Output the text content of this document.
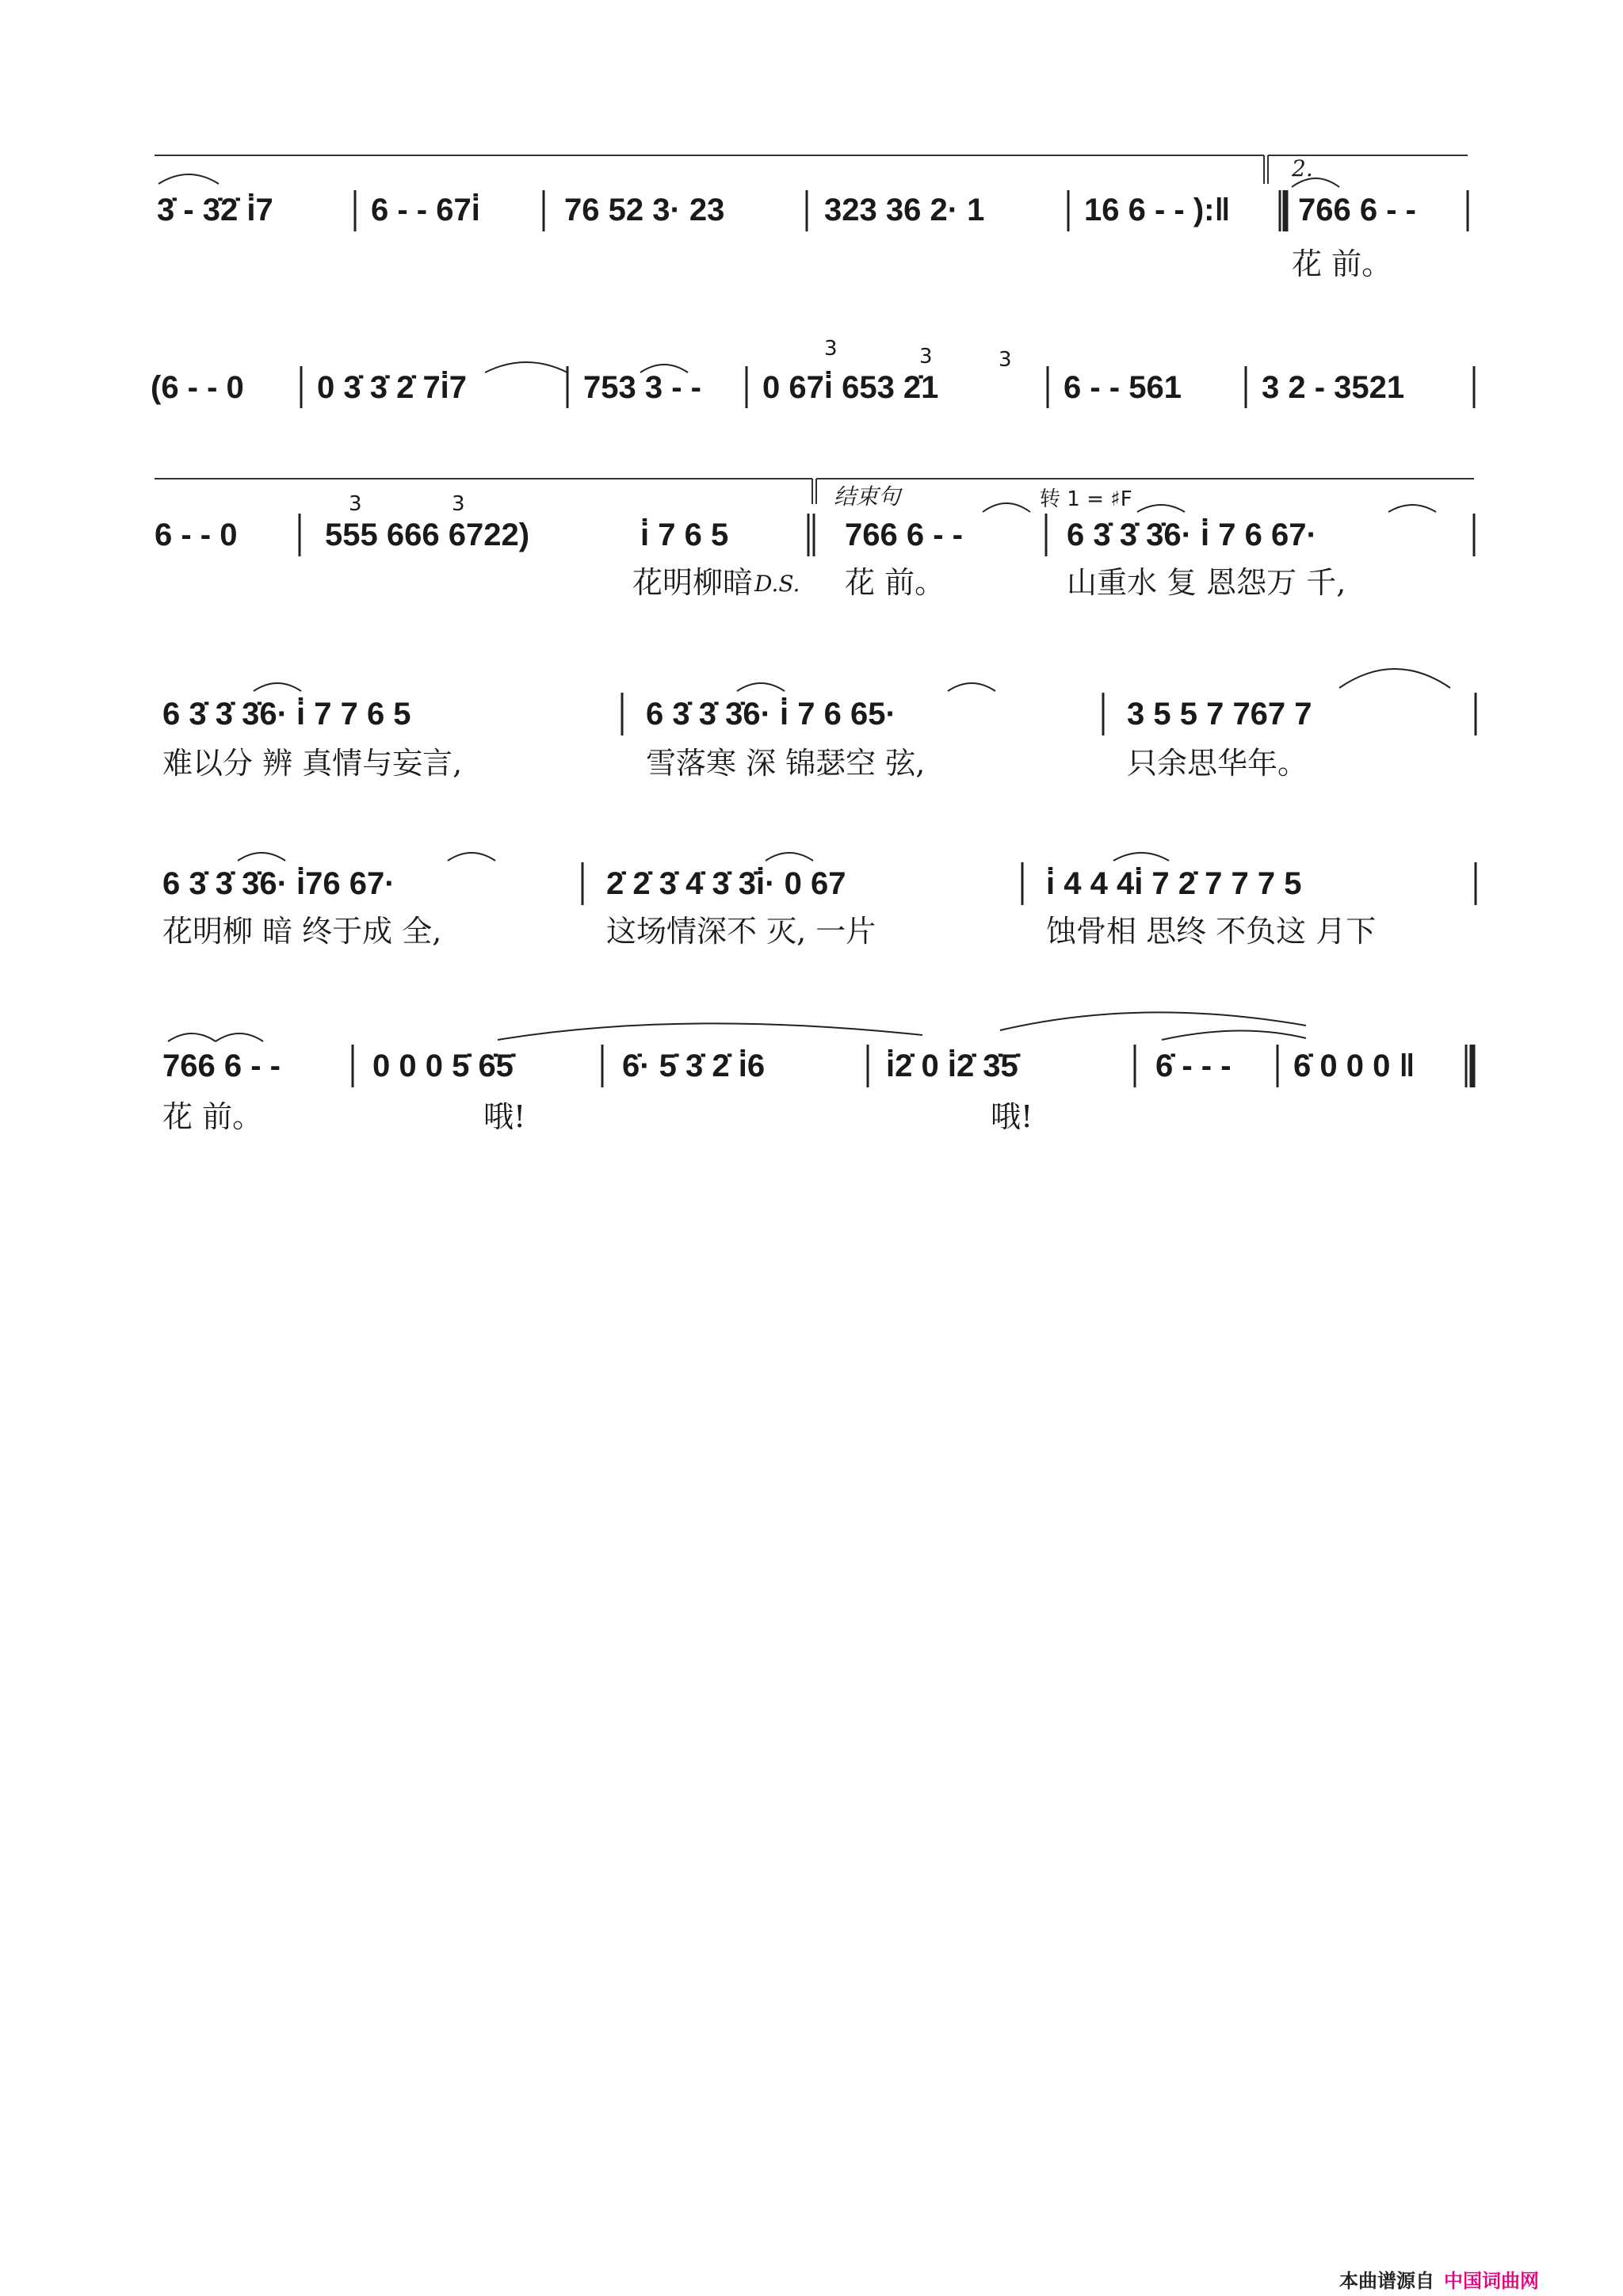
2.
3̇ - 3̇2̇ i̇7	6 - - 67i̇	76 52 3· 23	323 36 2· 1	16 6 - - ):‖ 766 6 - -
花 前。
3	3	3
(6 - - 0 0 3̇ 3̇ 2̇ 7i̇7	753 3 - - 0 67i̇ 653 2̇1	6 - - 561	3 2 - 3521
结束句	转 1 = ♯F
3	3
6 - - 0	555 666 6722)	i̇ 7 6 5	766 6 - -	6 3̇ 3̇ 3̇6· i̇ 7 6 67·
花明柳暗 D.S. 花 前。	山重水 复 恩怨万 千,
6 3̇ 3̇ 3̇6· i̇ 7 7 6 5	6 3̇ 3̇ 3̇6· i̇ 7 6 65·	3 5 5 7 767 7
难以分 辨 真情与妄言,	雪落寒 深 锦瑟空 弦,	只余思华年。
6 3̇ 3̇ 3̇6· i̇76 67·	2̇ 2̇ 3̇ 4̇ 3̇ 3̇i̇· 0 67	i̇ 4 4 4i̇ 7 2̇ 7 7 7 5
花明柳 暗 终于成 全,	这场情深不 灭, 一片	蚀骨相 思终 不负这 月下
766 6 - -	0 0 0 5̇ 6̇5̇	6̇· 5̇ 3̇ 2̇ i̇6	i̇2̇ 0 i̇2̇ 3̇5̇	6̇ - - - 6̇ 0 0 0 ‖
花 前。	哦!	哦!
本曲谱源自 中国词曲网
